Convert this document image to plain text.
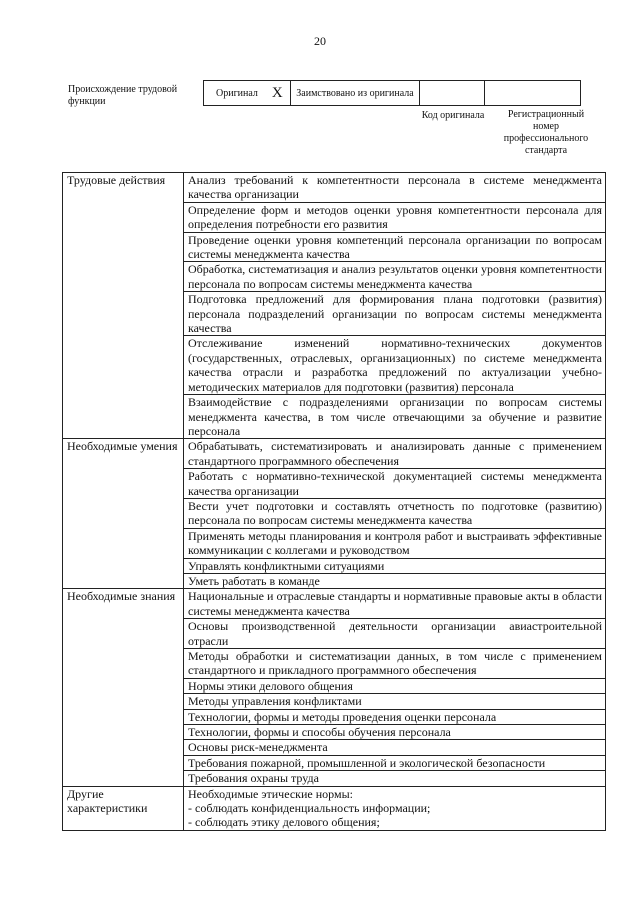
20
Происхождение трудовой функции
Оригинал X	Заимствовано из оригинала		
Код оригинала	Регистрационный номер профессионального стандарта
Трудовые действия	Анализ требований к компетентности персонала в системе менеджмента качества организации
	Определение форм и методов оценки уровня компетентности персонала для определения потребности его развития
	Проведение оценки уровня компетенций персонала организации по вопросам системы менеджмента качества
	Обработка, систематизация и анализ результатов оценки уровня компетентности персонала по вопросам системы менеджмента качества
	Подготовка предложений для формирования плана подготовки (развития) персонала подразделений организации по вопросам системы менеджмента качества
	Отслеживание изменений нормативно-технических документов (государственных, отраслевых, организационных) по системе менеджмента качества отрасли и разработка предложений по актуализации учебно-методических материалов для подготовки (развития) персонала
	Взаимодействие с подразделениями организации по вопросам системы менеджмента качества, в том числе отвечающими за обучение и развитие персонала
Необходимые умения	Обрабатывать, систематизировать и анализировать данные с применением стандартного программного обеспечения
	Работать с нормативно-технической документацией системы менеджмента качества организации
	Вести учет подготовки и составлять отчетность по подготовке (развитию) персонала по вопросам системы менеджмента качества
	Применять методы планирования и контроля работ и выстраивать эффективные коммуникации с коллегами и руководством
	Управлять конфликтными ситуациями
	Уметь работать в команде
Необходимые знания	Национальные и отраслевые стандарты и нормативные правовые акты в области системы менеджмента качества
	Основы производственной деятельности организации авиастроительной отрасли
	Методы обработки и систематизации данных, в том числе с применением стандартного и прикладного программного обеспечения
	Нормы этики делового общения
	Методы управления конфликтами
	Технологии, формы и методы проведения оценки персонала
	Технологии, формы и способы обучения персонала
	Основы риск-менеджмента
	Требования пожарной, промышленной и экологической безопасности
	Требования охраны труда
Другие характеристики	Необходимые этические нормы:
- соблюдать конфиденциальность информации;
- соблюдать этику делового общения;
